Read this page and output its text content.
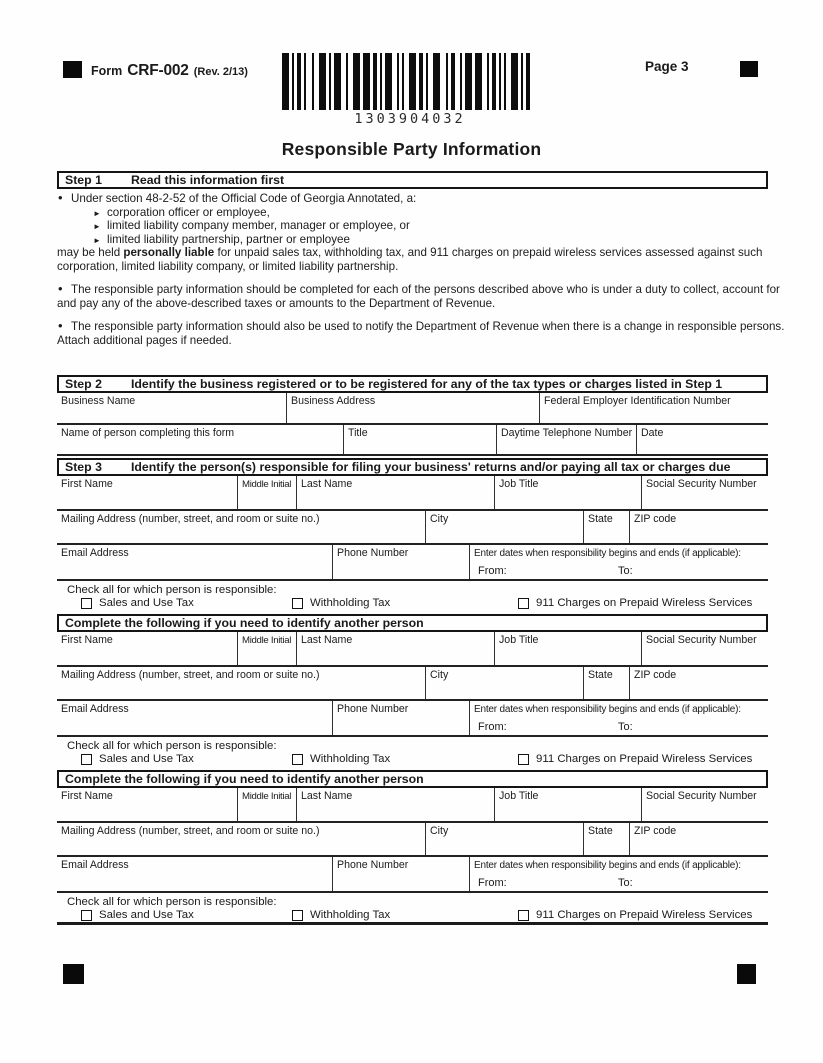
Form CRF-002 (Rev. 2/13)
1303904032
Page 3
Responsible Party Information
Step 1	Read this information first
• Under section 48-2-52 of the Official Code of Georgia Annotated, a:
► corporation officer or employee,
► limited liability company member, manager or employee, or
► limited liability partnership, partner or employee
may be held personally liable for unpaid sales tax, withholding tax, and 911 charges on prepaid wireless services assessed against such
corporation, limited liability company, or limited liability partnership.
• The responsible party information should be completed for each of the persons described above who is under a duty to collect, account for
and pay any of the above-described taxes or amounts to the Department of Revenue.
• The responsible party information should also be used to notify the Department of Revenue when there is a change in responsible persons.
Attach additional pages if needed.
Step 2	Identify the business registered or to be registered for any of the tax types or charges listed in Step 1
Business Name	Business Address	Federal Employer Identification Number
Name of person completing this form	Title	Daytime Telephone Number Date
Step 3	Identify the person(s) responsible for filing your business' returns and/or paying all tax or charges due
First Name	Middle Initial Last Name	Job Title	Social Security Number
Mailing Address (number, street, and room or suite no.)	City	State	ZIP code
Email Address	Phone Number	Enter dates when responsibility begins and ends (if applicable):
From:	To:
Check all for which person is responsible:
Sales and Use Tax	Withholding Tax	911 Charges on Prepaid Wireless Services
Complete the following if you need to identify another person
First Name	Middle Initial Last Name	Job Title	Social Security Number
Mailing Address (number, street, and room or suite no.)	City	State	ZIP code
Email Address	Phone Number	Enter dates when responsibility begins and ends (if applicable):
From:	To:
Check all for which person is responsible:
Sales and Use Tax	Withholding Tax	911 Charges on Prepaid Wireless Services
Complete the following if you need to identify another person
First Name	Middle Initial Last Name	Job Title	Social Security Number
Mailing Address (number, street, and room or suite no.)	City	State	ZIP code
Email Address	Phone Number	Enter dates when responsibility begins and ends (if applicable):
From:	To:
Check all for which person is responsible:
Sales and Use Tax	Withholding Tax	911 Charges on Prepaid Wireless Services
